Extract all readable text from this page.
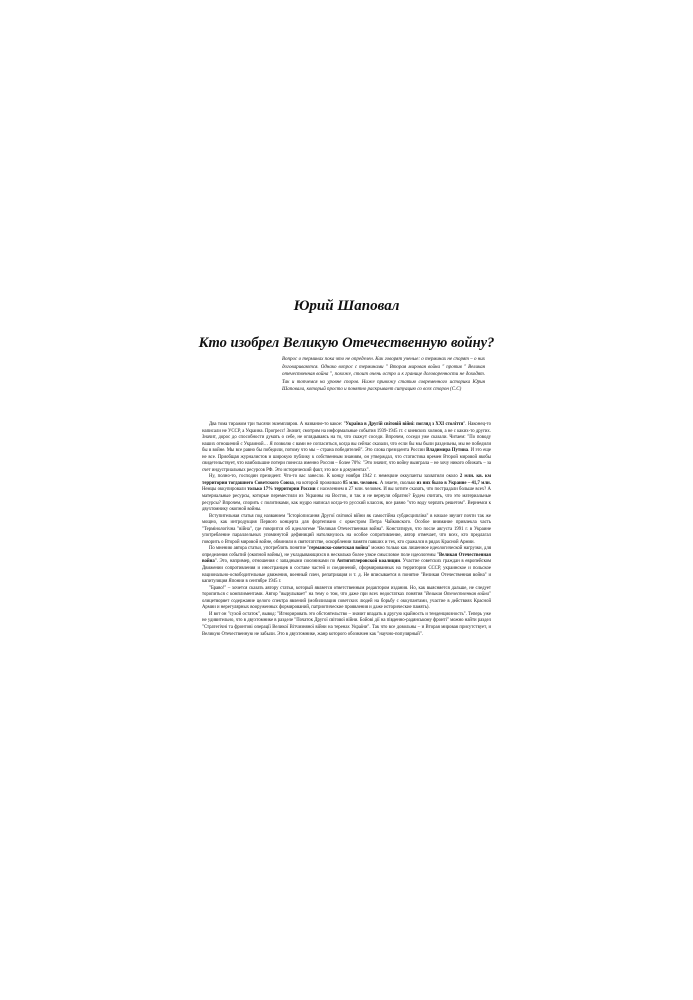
Юрий Шаповал
Кто изобрел Великую Отечественную войну?

Вопрос о терминах пока что не определен. Как говорят ученые: о терминах не спорят – о них договариваются. Однако вопрос с терминами " Вторая мировая война " против " Великая отечественная война ", похоже, стоит очень остро и к границе договоренности не доходят. Так и топчемся на уровне споров. Ниже привожу статью современного историка Юрия Шаповала, который просто и понятно раскрывает ситуацию со всех сторон (С.С)

Два тома тиражом три тысячи экземпляров. А название-то какое: "Україна в Другій світовій війні: погляд з XXI століття". Наконец-то написали не УССР, а Украина. Прогресс! Значит, смотрим на информальные события 1939-1945 гг. с киевских холмов, а не с каких-то других. Значит, дорос до способности думать о себе, не оглядываясь на то, что скажут соседи. Впрочем, соседи уже сказали. Читаем: "По поводу наших отношений с Украиной… Я позволю с вами не согласиться, когда вы сейчас сказали, что если бы мы были раздельны, мы не победили бы в войне. Мы все равно бы победили, потому что мы – страна победителей". Это слова президента России Владимира Путина. И это еще не все. Приобщая журналистов и широкую публику к собственным знаниям, он утверждал, что статистика времен Второй мировой якобы свидетельствует, что наибольшие потери понесла именно Россия – более 70%: "Это значит, что войну выиграла – не хочу никого обижать – за счет индустриальных ресурсов РФ. Это исторический факт, это все в документах".

Ну, полно-то, господин президент. Что-то вас занесло. К концу ноября 1942 г. немецкие оккупанты захватили около 2 млн. кв. км территории тогдашнего Советского Союза, на которой проживало 85 млн. человек. А знаете, сколько из них было в Украине – 41,7 млн. Немцы оккупировали только 17% территории России с населением в 27 млн. человек. И вы хотите сказать, что пострадали больше всех? А материальные ресурсы, которые переместили из Украины на Восток, и так и не вернули обратно? Будем считать, что это материальные ресурсы? Впрочем, спорить с политиками, как мудро написал когда-то русский классик, все равно "что воду черпать решетом". Вернемся к двухтомнику окопной войны.

Вступительная статья под названием "Історіописання Другої світової війни як самостійна субдисципліна" в начале звучит почти так же мощно, как интродукция Первого концерта для фортепиано с оркестром Петра Чайковского. Особое внимание привлекла часть "Термінологічна "війна", где говорится об идеологеме "Великая Отечественная война". Констатируя, что после августа 1991 г. в Украине употребление параллельных упоминутой дефиниций натолкнулось на особое сопротивление, автор отмечает, что всех, кто предлагал говорить о Второй мировой войне, обвинили в святотатстве, оскорблении памяти павших и тех, кто сражался в рядах Красной Армии.

По мнению автора статьи, употреблять понятие "германско-советская война" можно только как лишенное идеологической нагрузки, для определения событий (окопной войны), не укладывающихся в несколько более узкое смысловое поле идеологемы "Великая Отечественная война". Это, например, отношения с западными союзниками по Антигитлеровской коалиции. Участие советских граждан в европейском Движении сопротивления и иностранцев в составе частей и соединений, сформированных на территории СССР, украинское и польское национально-освободительные движения, военный плен, репатриация и т. д. Не вписывается в понятие "Великая Отечественная война" и капитуляция Японии в сентябре 1945 г.

"Браво!" – хочется сказать автору статьи, который является ответственным редактором издания. Но, как выясняется дальше, не следует торопиться с комплиментами. Автор "вырулывает" на тему о том, что даже при всех недостатках понятия "Великая Отечественная война" олицетворяет содержание целого спектра явлений (мобилизация советских людей на борьбу с оккупантами, участие в действиях Красной Армии и нерегулярных вооруженных формирований, патриотические проявления и даже исторические память).

И вот он "сухой остаток", вывод: "Игнорировать это обстоятельство – значит впадать в другую крайность и тенденциозность". Теперь уже не удивительно, что в двухтомнике в разделе "Початок Другої світової війни. Бойові дії на південно-радянському фронті" можно найти раздел "Стратегічні та фронтові операції Великої Вітчизняної війни на теренах України". Так что все довольны – и Вторая мировая присутствует, и Великую Отечественную не забыли. Это в двухтомнике, жанр которого обозначен как "научно-популярный".
